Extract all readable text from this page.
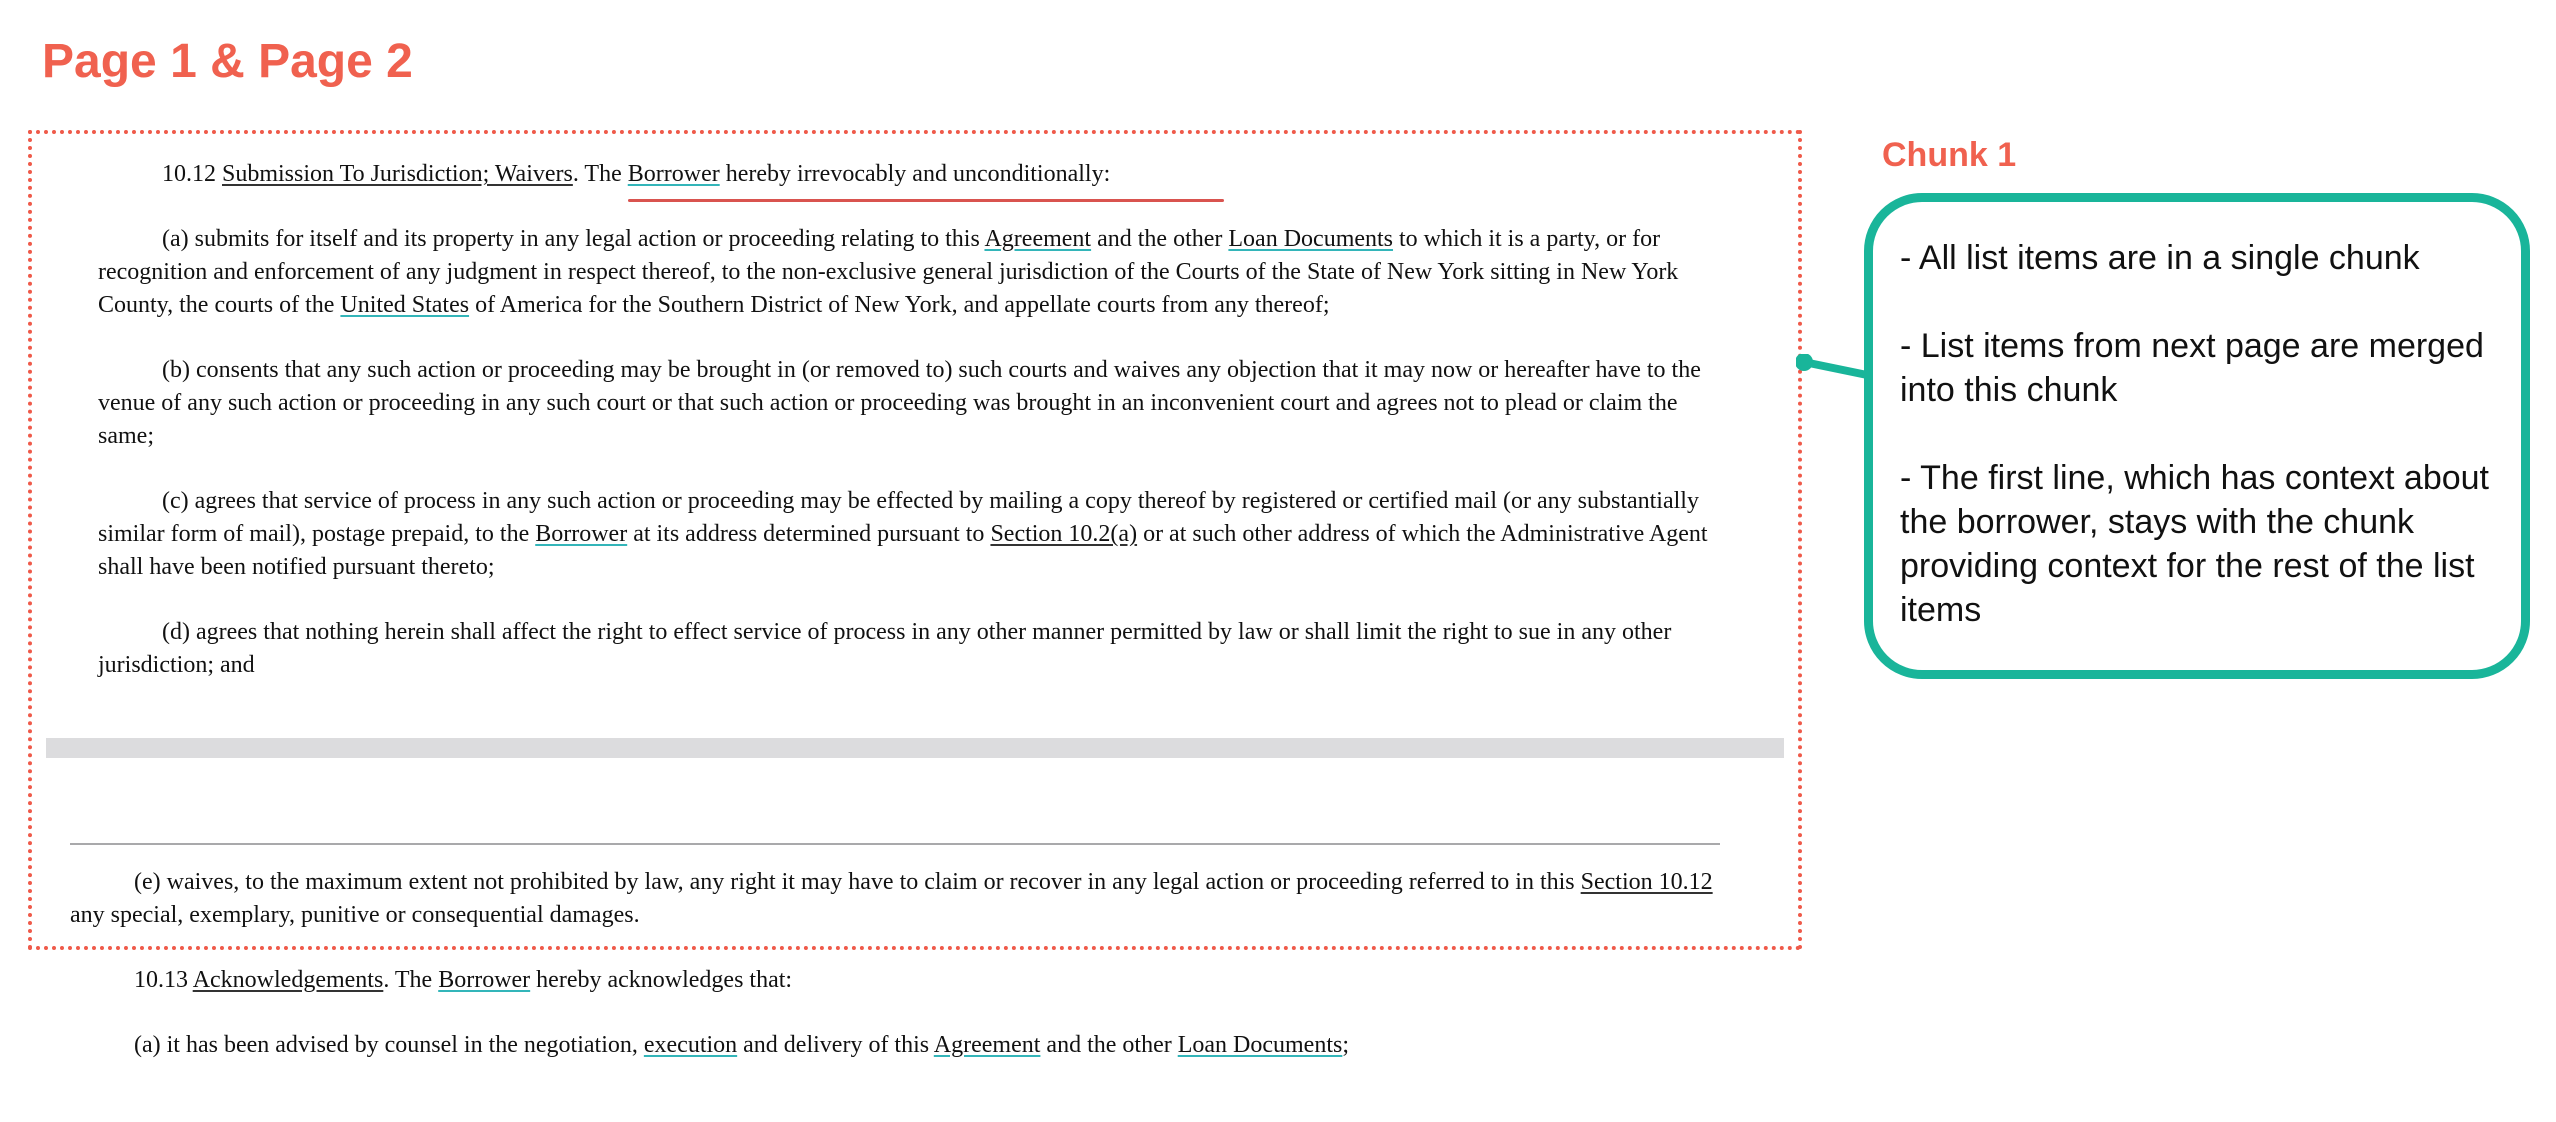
Page 1 & Page 2

10.12 Submission To Jurisdiction; Waivers. The Borrower hereby irrevocably and unconditionally:

(a) submits for itself and its property in any legal action or proceeding relating to this Agreement and the other Loan Documents to which it is a party, or for recognition and enforcement of any judgment in respect thereof, to the non-exclusive general jurisdiction of the Courts of the State of New York sitting in New York County, the courts of the United States of America for the Southern District of New York, and appellate courts from any thereof;

(b) consents that any such action or proceeding may be brought in (or removed to) such courts and waives any objection that it may now or hereafter have to the venue of any such action or proceeding in any such court or that such action or proceeding was brought in an inconvenient court and agrees not to plead or claim the same;

(c) agrees that service of process in any such action or proceeding may be effected by mailing a copy thereof by registered or certified mail (or any substantially similar form of mail), postage prepaid, to the Borrower at its address determined pursuant to Section 10.2(a) or at such other address of which the Administrative Agent shall have been notified pursuant thereto;

(d) agrees that nothing herein shall affect the right to effect service of process in any other manner permitted by law or shall limit the right to sue in any other jurisdiction; and

(e) waives, to the maximum extent not prohibited by law, any right it may have to claim or recover in any legal action or proceeding referred to in this Section 10.12 any special, exemplary, punitive or consequential damages.

10.13 Acknowledgements. The Borrower hereby acknowledges that:

(a) it has been advised by counsel in the negotiation, execution and delivery of this Agreement and the other Loan Documents;

Chunk 1

- All list items are in a single chunk

- List items from next page are merged into this chunk

- The first line, which has context about the borrower, stays with the chunk providing context for the rest of the list items
